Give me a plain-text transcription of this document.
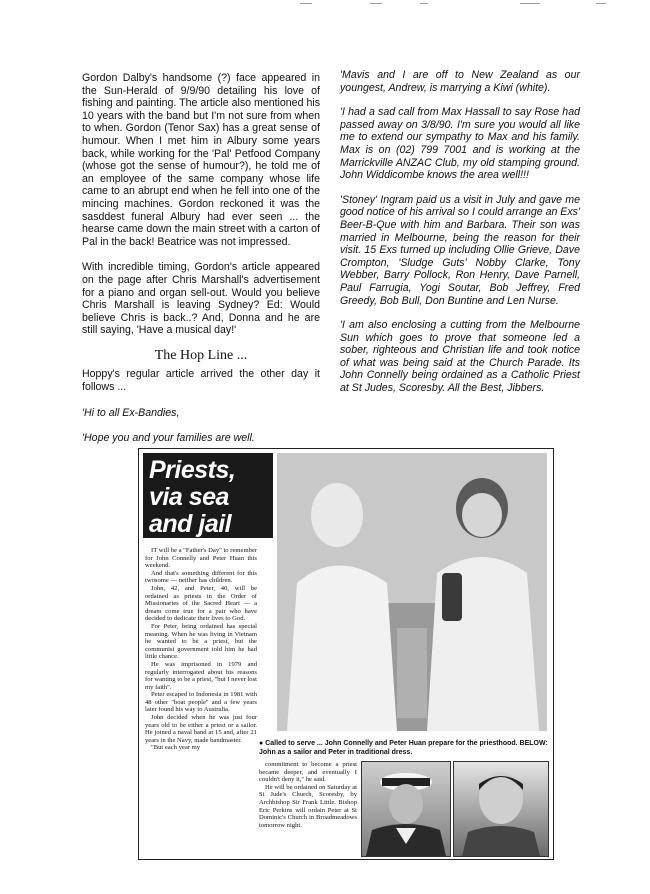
Gordon Dalby's handsome (?) face appeared in the Sun-Herald of 9/9/90 detailing his love of fishing and painting. The article also mentioned his 10 years with the band but I'm not sure from when to when. Gordon (Tenor Sax) has a great sense of humour. When I met him in Albury some years back, while working for the 'Pal' Petfood Company (whose got the sense of humour?), he told me of an employee of the same company whose life came to an abrupt end when he fell into one of the mincing machines. Gordon reckoned it was the sasddest funeral Albury had ever seen ... the hearse came down the main street with a carton of Pal in the back! Beatrice was not impressed.

With incredible timing, Gordon's article appeared on the page after Chris Marshall's advertisement for a piano and organ sell-out. Would you believe Chris Marshall is leaving Sydney? Ed: Would believe Chris is back..? And, Donna and he are still saying, 'Have a musical day!'

The Hop Line ...

Hoppy's regular article arrived the other day it follows ...

'Hi to all Ex-Bandies,

'Hope you and your families are well.

'Mavis and I are off to New Zealand as our youngest, Andrew, is marrying a Kiwi (white).

'I had a sad call from Max Hassall to say Rose had passed away on 3/8/90. I'm sure you would all like me to extend our sympathy to Max and his family. Max is on (02) 799 7001 and is working at the Marrickville ANZAC Club, my old stamping ground. John Widdicombe knows the area well!!!

'Stoney' Ingram paid us a visit in July and gave me good notice of his arrival so I could arrange an Exs' Beer-B-Que with him and Barbara. Their son was married in Melbourne, being the reason for their visit. 15 Exs turned up including Ollie Grieve, Dave Crompton, 'Sludge Guts' Nobby Clarke, Tony Webber, Barry Pollock, Ron Henry, Dave Parnell, Paul Farrugia, Yogi Soutar, Bob Jeffrey, Fred Greedy, Bob Bull, Don Buntine and Len Nurse.

'I am also enclosing a cutting from the Melbourne Sun which goes to prove that someone led a sober, righteous and Christian life and took notice of what was being said at the Church Parade. Its John Connelly being ordained as a Catholic Priest at St Judes, Scoresby. All the Best, Jibbers.

Priests,
via sea
and jail

IT will be a "Father's Day" to remember for John Connelly and Peter Huan this weekend.

And that's something different for this twosome — neither has children.

John, 42, and Peter, 40, will be ordained as priests in the Order of Missionaries of the Sacred Heart — a dream come true for a pair who have decided to dedicate their lives to God.

For Peter, being ordained has special meaning. When he was living in Vietnam he wanted to be a priest, but the communist government told him he had little chance.

He was imprisoned in 1979 and regularly interrogated about his reasons for wanting to be a priest, "but I never lost my faith".

Peter escaped to Indonesia in 1981 with 48 other "boat people" and a few years later found his way to Australia.

John decided when he was just four years old to be either a priest or a sailor. He joined a naval band at 15 and, after 21 years in the Navy, made bandmaster.

"But each year my

● Called to serve ... John Connelly and Peter Huan prepare for the priesthood. BELOW: John as a sailor and Peter in traditional dress.

commitment to become a priest became deeper, and eventually I couldn't deny it," he said.

He will be ordained on Saturday at St Jude's Church, Scoresby, by Archbishop Sir Frank Little. Bishop Eric Perkins will ordain Peter at St Dominic's Church in Broadmeadows tomorrow night.
